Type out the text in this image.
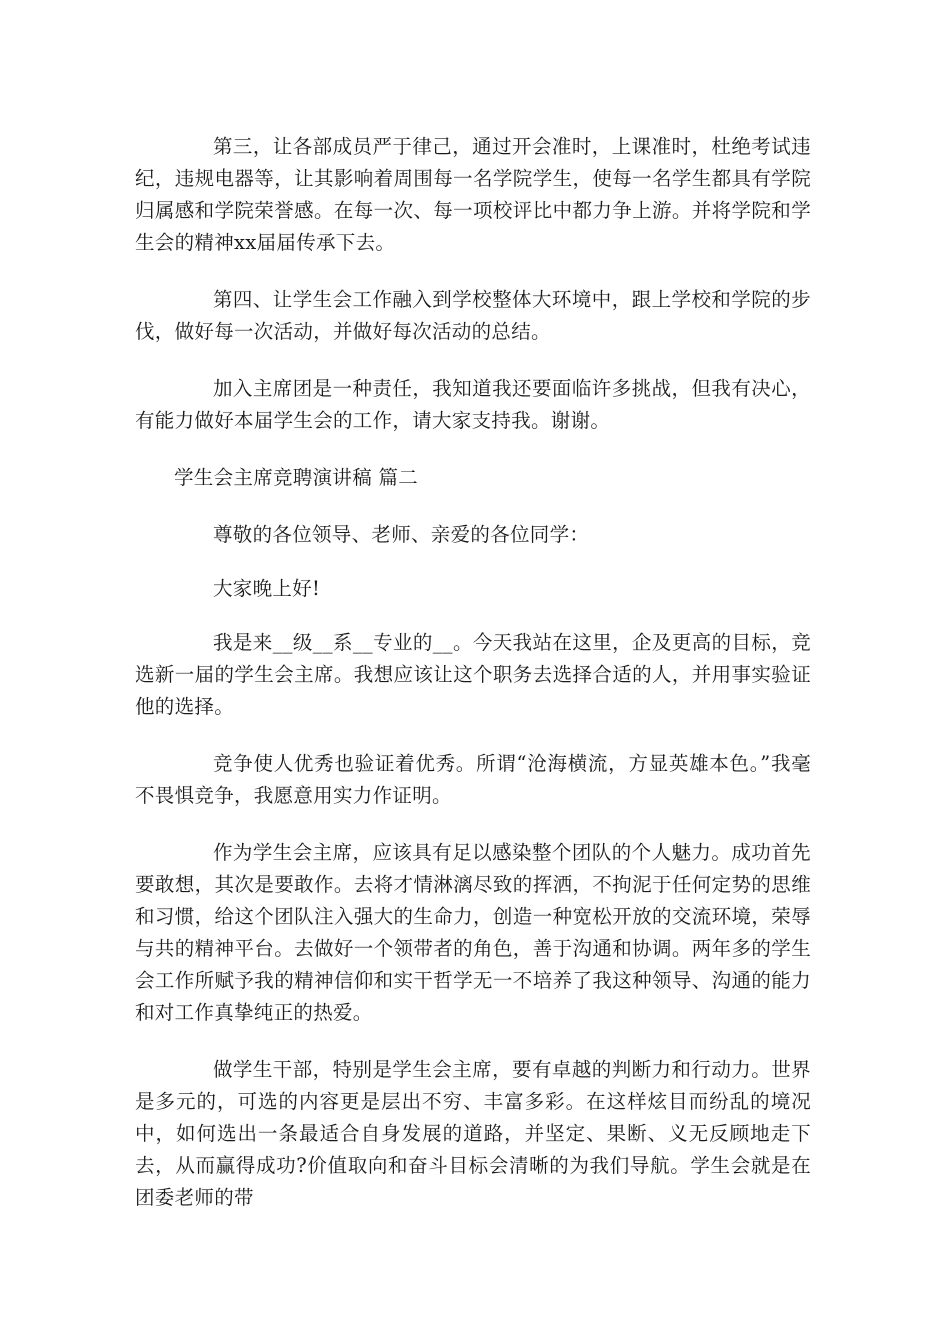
第三，让各部成员严于律己，通过开会准时，上课准时，杜绝考试违纪，违规电器等，让其影响着周围每一名学院学生，使每一名学生都具有学院归属感和学院荣誉感。在每一次、每一项校评比中都力争上游。并将学院和学生会的精神xx届届传承下去。

第四、让学生会工作融入到学校整体大环境中，跟上学校和学院的步伐，做好每一次活动，并做好每次活动的总结。

加入主席团是一种责任，我知道我还要面临许多挑战，但我有决心，有能力做好本届学生会的工作，请大家支持我。谢谢。

学生会主席竞聘演讲稿 篇二

尊敬的各位领导、老师、亲爱的各位同学：

大家晚上好!

我是来__级__系__专业的__。今天我站在这里，企及更高的目标，竞选新一届的学生会主席。我想应该让这个职务去选择合适的人，并用事实验证他的选择。

竞争使人优秀也验证着优秀。所谓“沧海横流，方显英雄本色。”我毫不畏惧竞争，我愿意用实力作证明。

作为学生会主席，应该具有足以感染整个团队的个人魅力。成功首先要敢想，其次是要敢作。去将才情淋漓尽致的挥洒，不拘泥于任何定势的思维和习惯，给这个团队注入强大的生命力，创造一种宽松开放的交流环境，荣辱与共的精神平台。去做好一个领带者的角色，善于沟通和协调。两年多的学生会工作所赋予我的精神信仰和实干哲学无一不培养了我这种领导、沟通的能力和对工作真挚纯正的热爱。

做学生干部，特别是学生会主席，要有卓越的判断力和行动力。世界是多元的，可选的内容更是层出不穷、丰富多彩。在这样炫目而纷乱的境况中，如何选出一条最适合自身发展的道路，并坚定、果断、义无反顾地走下去，从而赢得成功?价值取向和奋斗目标会清晰的为我们导航。学生会就是在团委老师的带
